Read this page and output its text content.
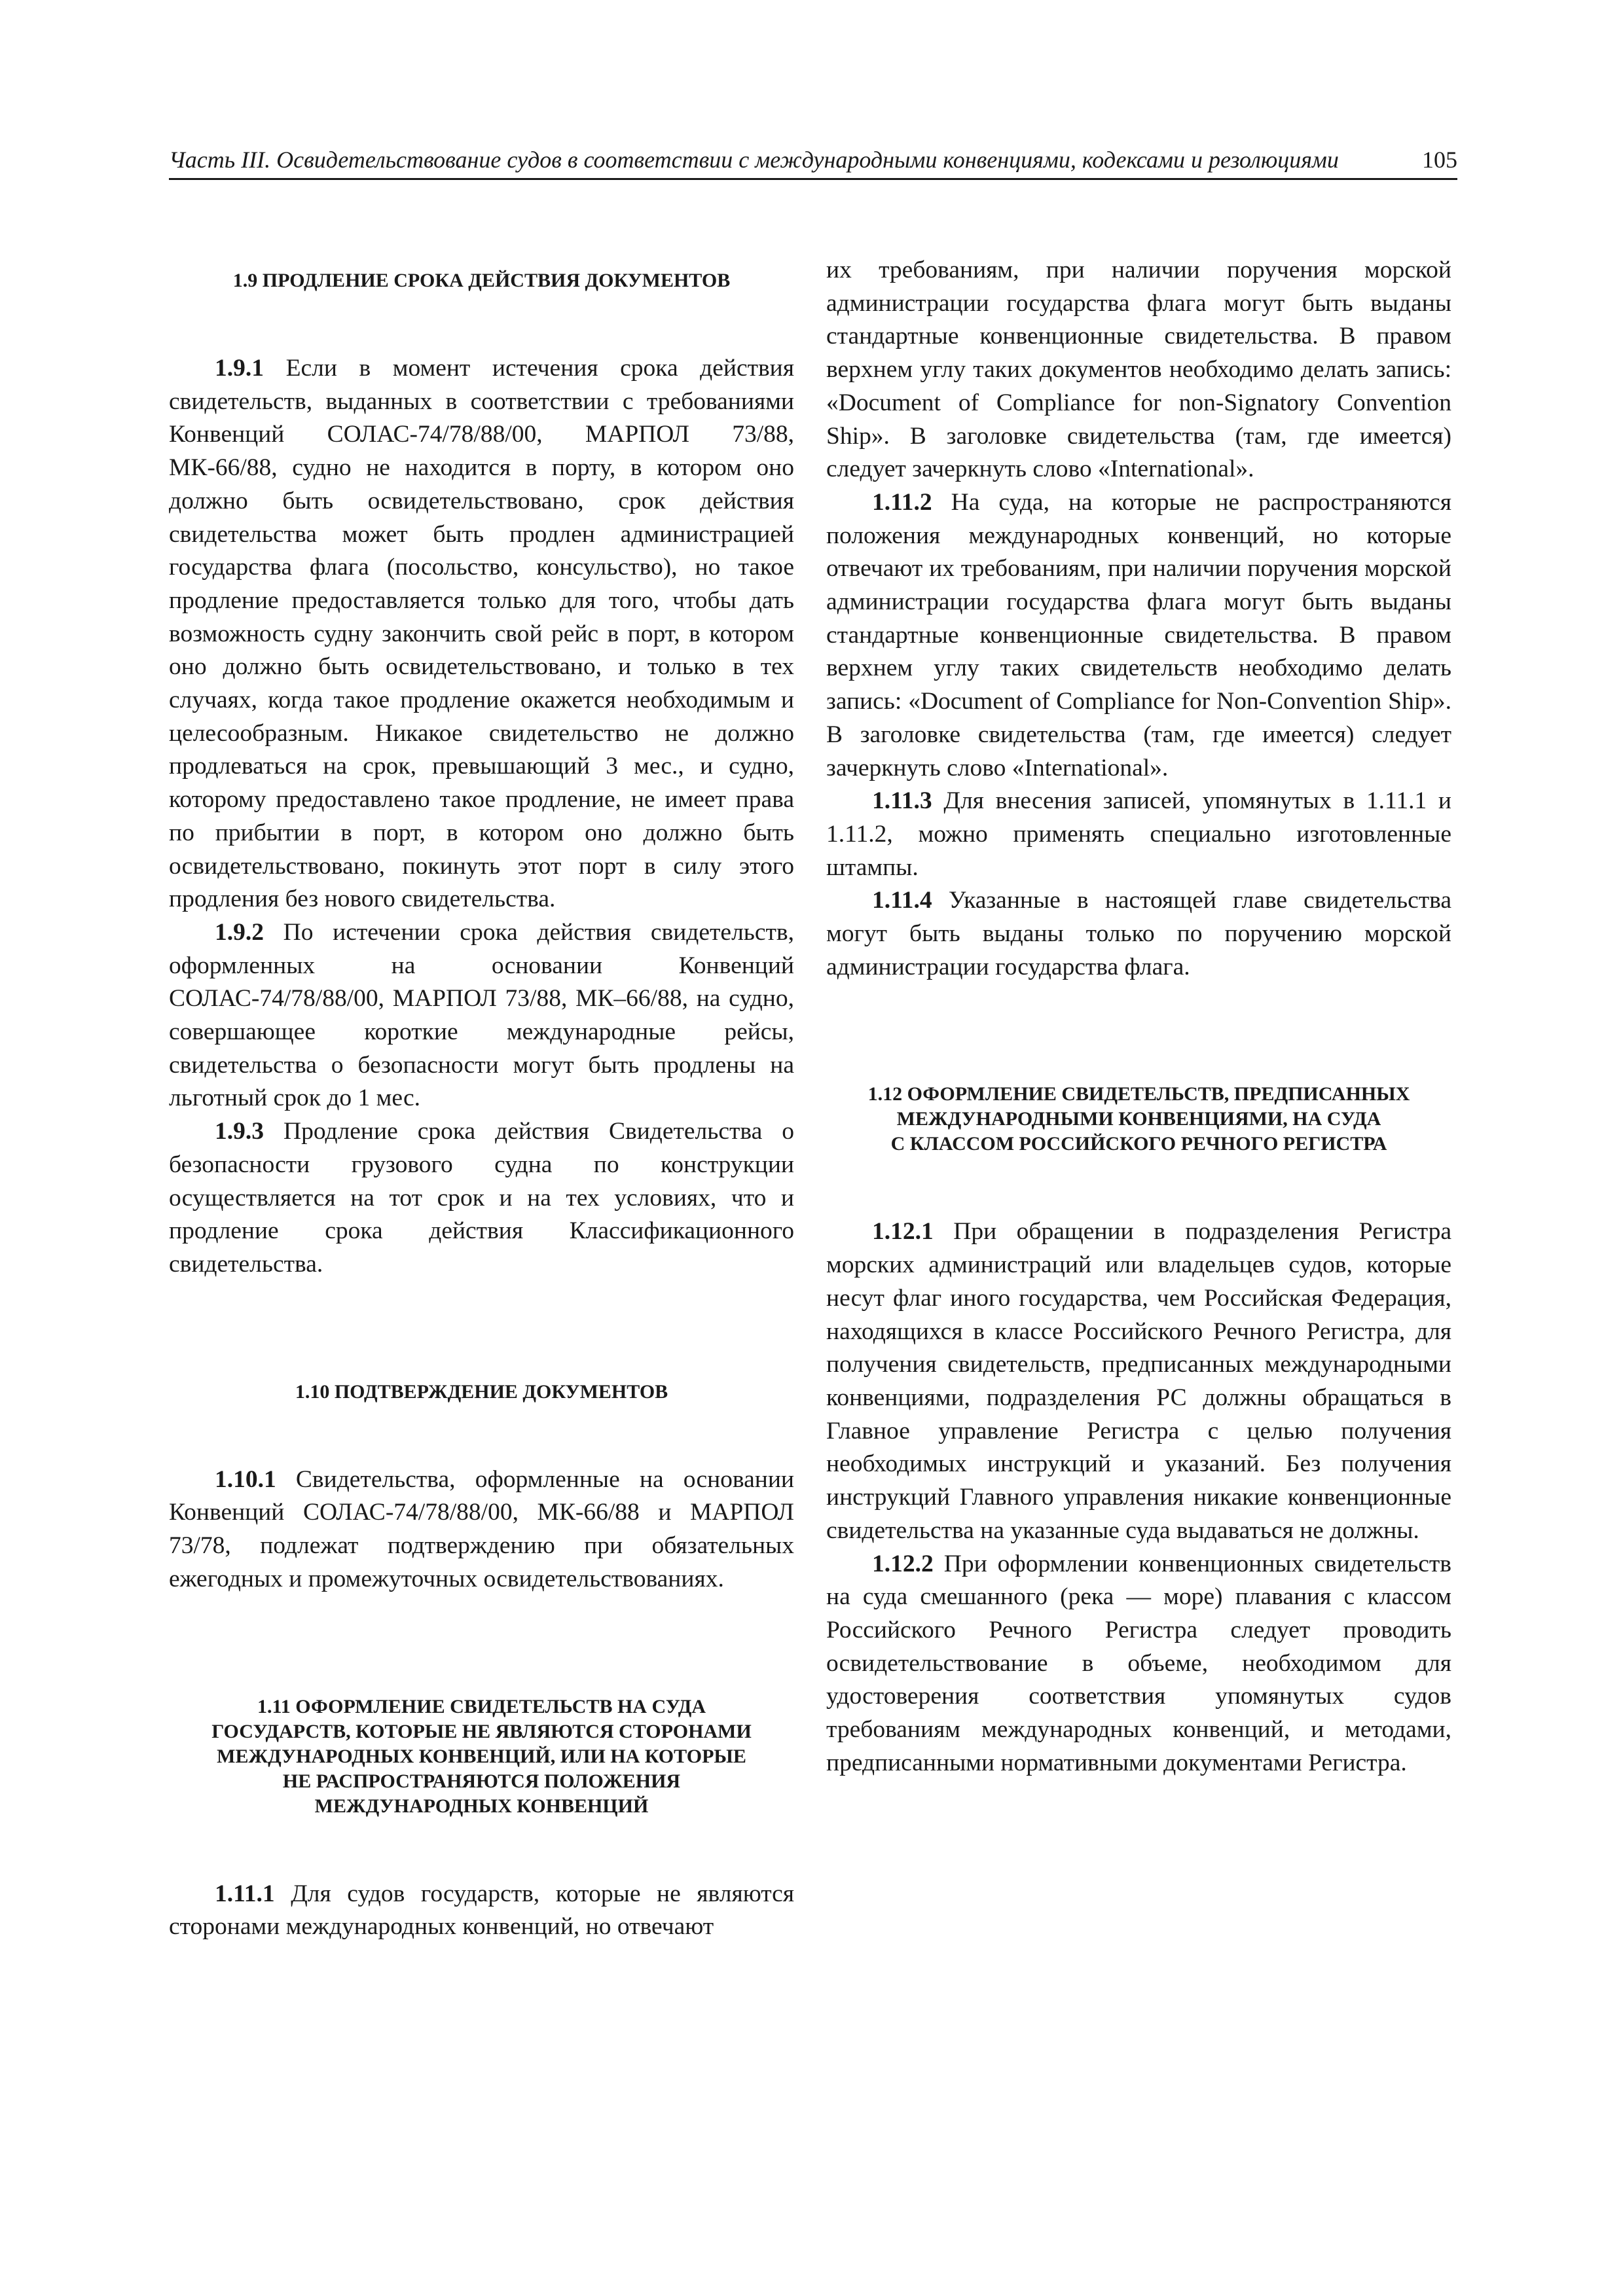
Часть III. Освидетельствование судов в соответствии с международными конвенциями, кодексами и резолюциями	105
1.9 ПРОДЛЕНИЕ СРОКА ДЕЙСТВИЯ ДОКУМЕНТОВ

1.9.1 Если в момент истечения срока действия свидетельств, выданных в соответствии с требованиями Конвенций СОЛАС-74/78/88/00, МАРПОЛ 73/88, МК-66/88, судно не находится в порту, в котором оно должно быть освидетельствовано, срок действия свидетельства может быть продлен администрацией государства флага (посольство, консульство), но такое продление предоставляется только для того, чтобы дать возможность судну закончить свой рейс в порт, в котором оно должно быть освидетельствовано, и только в тех случаях, когда такое продление окажется необходимым и целесообразным. Никакое свидетельство не должно продлеваться на срок, превышающий 3 мес., и судно, которому предоставлено такое продление, не имеет права по прибытии в порт, в котором оно должно быть освидетельствовано, покинуть этот порт в силу этого продления без нового свидетельства.

1.9.2 По истечении срока действия свидетельств, оформленных на основании Конвенций СОЛАС-74/78/88/00, МАРПОЛ 73/88, МК–66/88, на судно, совершающее короткие международные рейсы, свидетельства о безопасности могут быть продлены на льготный срок до 1 мес.

1.9.3 Продление срока действия Свидетельства о безопасности грузового судна по конструкции осуществляется на тот срок и на тех условиях, что и продление срока действия Классификационного свидетельства.

1.10 ПОДТВЕРЖДЕНИЕ ДОКУМЕНТОВ

1.10.1 Свидетельства, оформленные на основании Конвенций СОЛАС-74/78/88/00, МК-66/88 и МАРПОЛ 73/78, подлежат подтверждению при обязательных ежегодных и промежуточных освидетельствованиях.

1.11 ОФОРМЛЕНИЕ СВИДЕТЕЛЬСТВ НА СУДА
ГОСУДАРСТВ, КОТОРЫЕ НЕ ЯВЛЯЮТСЯ СТОРОНАМИ
МЕЖДУНАРОДНЫХ КОНВЕНЦИЙ, ИЛИ НА КОТОРЫЕ
НЕ РАСПРОСТРАНЯЮТСЯ ПОЛОЖЕНИЯ
МЕЖДУНАРОДНЫХ КОНВЕНЦИЙ

1.11.1 Для судов государств, которые не являются сторонами международных конвенций, но отвечают

их требованиям, при наличии поручения морской администрации государства флага могут быть выданы стандартные конвенционные свидетельства. В правом верхнем углу таких документов необходимо делать запись: «Document of Compliance for non-Signatory Convention Ship». В заголовке свидетельства (там, где имеется) следует зачеркнуть слово «International».

1.11.2 На суда, на которые не распространяются положения международных конвенций, но которые отвечают их требованиям, при наличии поручения морской администрации государства флага могут быть выданы стандартные конвенционные свидетельства. В правом верхнем углу таких свидетельств необходимо делать запись: «Document of Compliance for Non-Convention Ship». В заголовке свидетельства (там, где имеется) следует зачеркнуть слово «International».

1.11.3 Для внесения записей, упомянутых в 1.11.1 и 1.11.2, можно применять специально изготовленные штампы.

1.11.4 Указанные в настоящей главе свидетельства могут быть выданы только по поручению морской администрации государства флага.

1.12 ОФОРМЛЕНИЕ СВИДЕТЕЛЬСТВ, ПРЕДПИСАННЫХ
МЕЖДУНАРОДНЫМИ КОНВЕНЦИЯМИ, НА СУДА
С КЛАССОМ РОССИЙСКОГО РЕЧНОГО РЕГИСТРА

1.12.1 При обращении в подразделения Регистра морских администраций или владельцев судов, которые несут флаг иного государства, чем Российская Федерация, находящихся в классе Российского Речного Регистра, для получения свидетельств, предписанных международными конвенциями, подразделения РС должны обращаться в Главное управление Регистра с целью получения необходимых инструкций и указаний. Без получения инструкций Главного управления никакие конвенционные свидетельства на указанные суда выдаваться не должны.

1.12.2 При оформлении конвенционных свидетельств на суда смешанного (река — море) плавания с классом Российского Речного Регистра следует проводить освидетельствование в объеме, необходимом для удостоверения соответствия упомянутых судов требованиям международных конвенций, и методами, предписанными нормативными документами Регистра.
